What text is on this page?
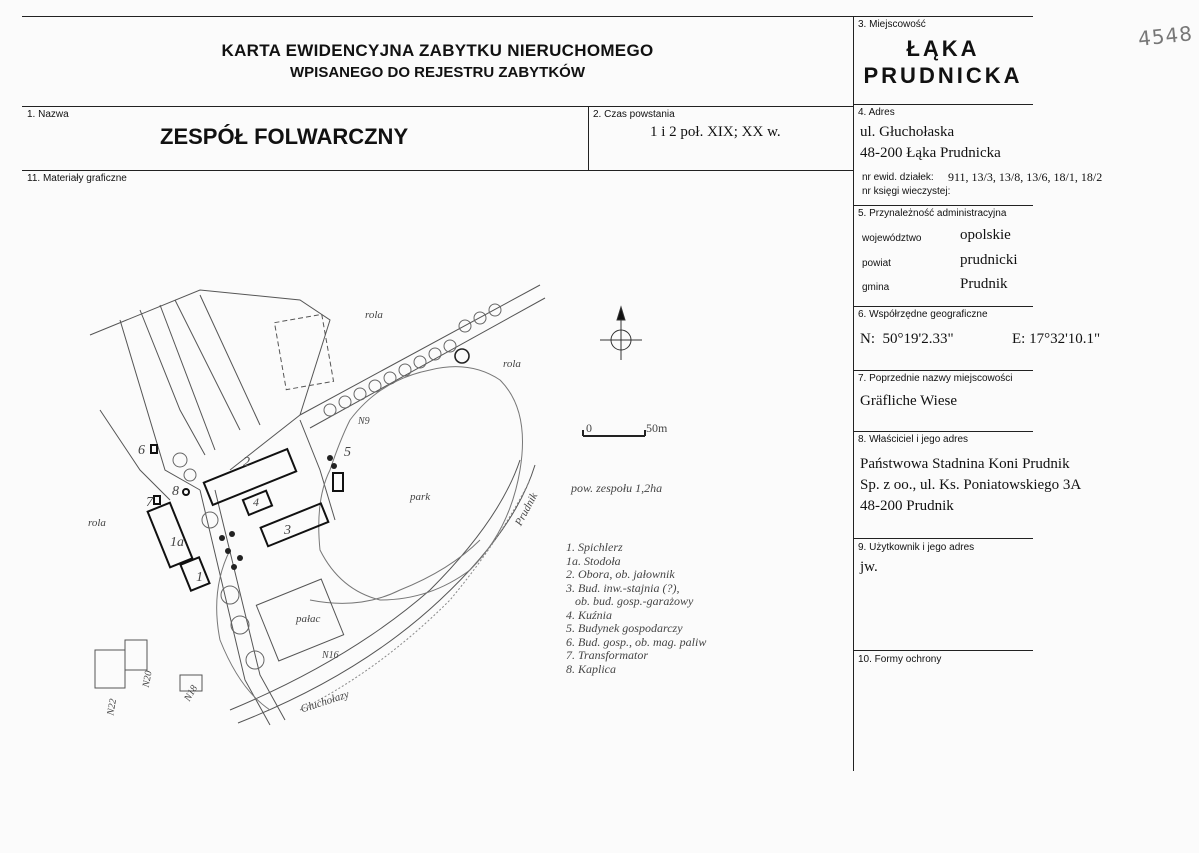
KARTA EWIDENCYJNA ZABYTKU NIERUCHOMEGO
WPISANEGO DO REJESTRU ZABYTKÓW
3. Miejscowość
ŁĄKA
PRUDNICKA
4548
1. Nazwa
ZESPÓŁ FOLWARCZNY
2. Czas powstania
1 i 2 poł. XIX; XX w.
4. Adres
ul. Głuchołaska
48-200 Łąka Prudnicka
nr ewid. działek: 911, 13/3, 13/8, 13/6, 18/1, 18/2
nr księgi wieczystej:
5. Przynależność administracyjna
województwo	opolskie
powiat	prudnicki
gmina	Prudnik
6. Współrzędne geograficzne
N:  50°19'2.33"	E: 17°32'10.1"
7. Poprzednie nazwy miejscowości
Gräfliche Wiese
8. Właściciel i jego adres
Państwowa Stadnina Koni Prudnik
Sp. z oo., ul. Ks. Poniatowskiego 3A
48-200 Prudnik
9. Użytkownik i jego adres
jw.
10. Formy ochrony
11. Materiały graficzne
rola
rola
rola
park
pałac
Prudnik
Głuchołazy
N9
N16
N18
N20
N22
1
1a
2
3
4
5
6
7
8
0	50m
pow. zespołu 1,2ha
1. Spichlerz
1a. Stodoła
2. Obora, ob. jałownik
3. Bud. inw.-stajnia (?),
ob. bud. gosp.-garażowy
4. Kuźnia
5. Budynek gospodarczy
6. Bud. gosp., ob. mag. paliw
7. Transformator
8. Kaplica
